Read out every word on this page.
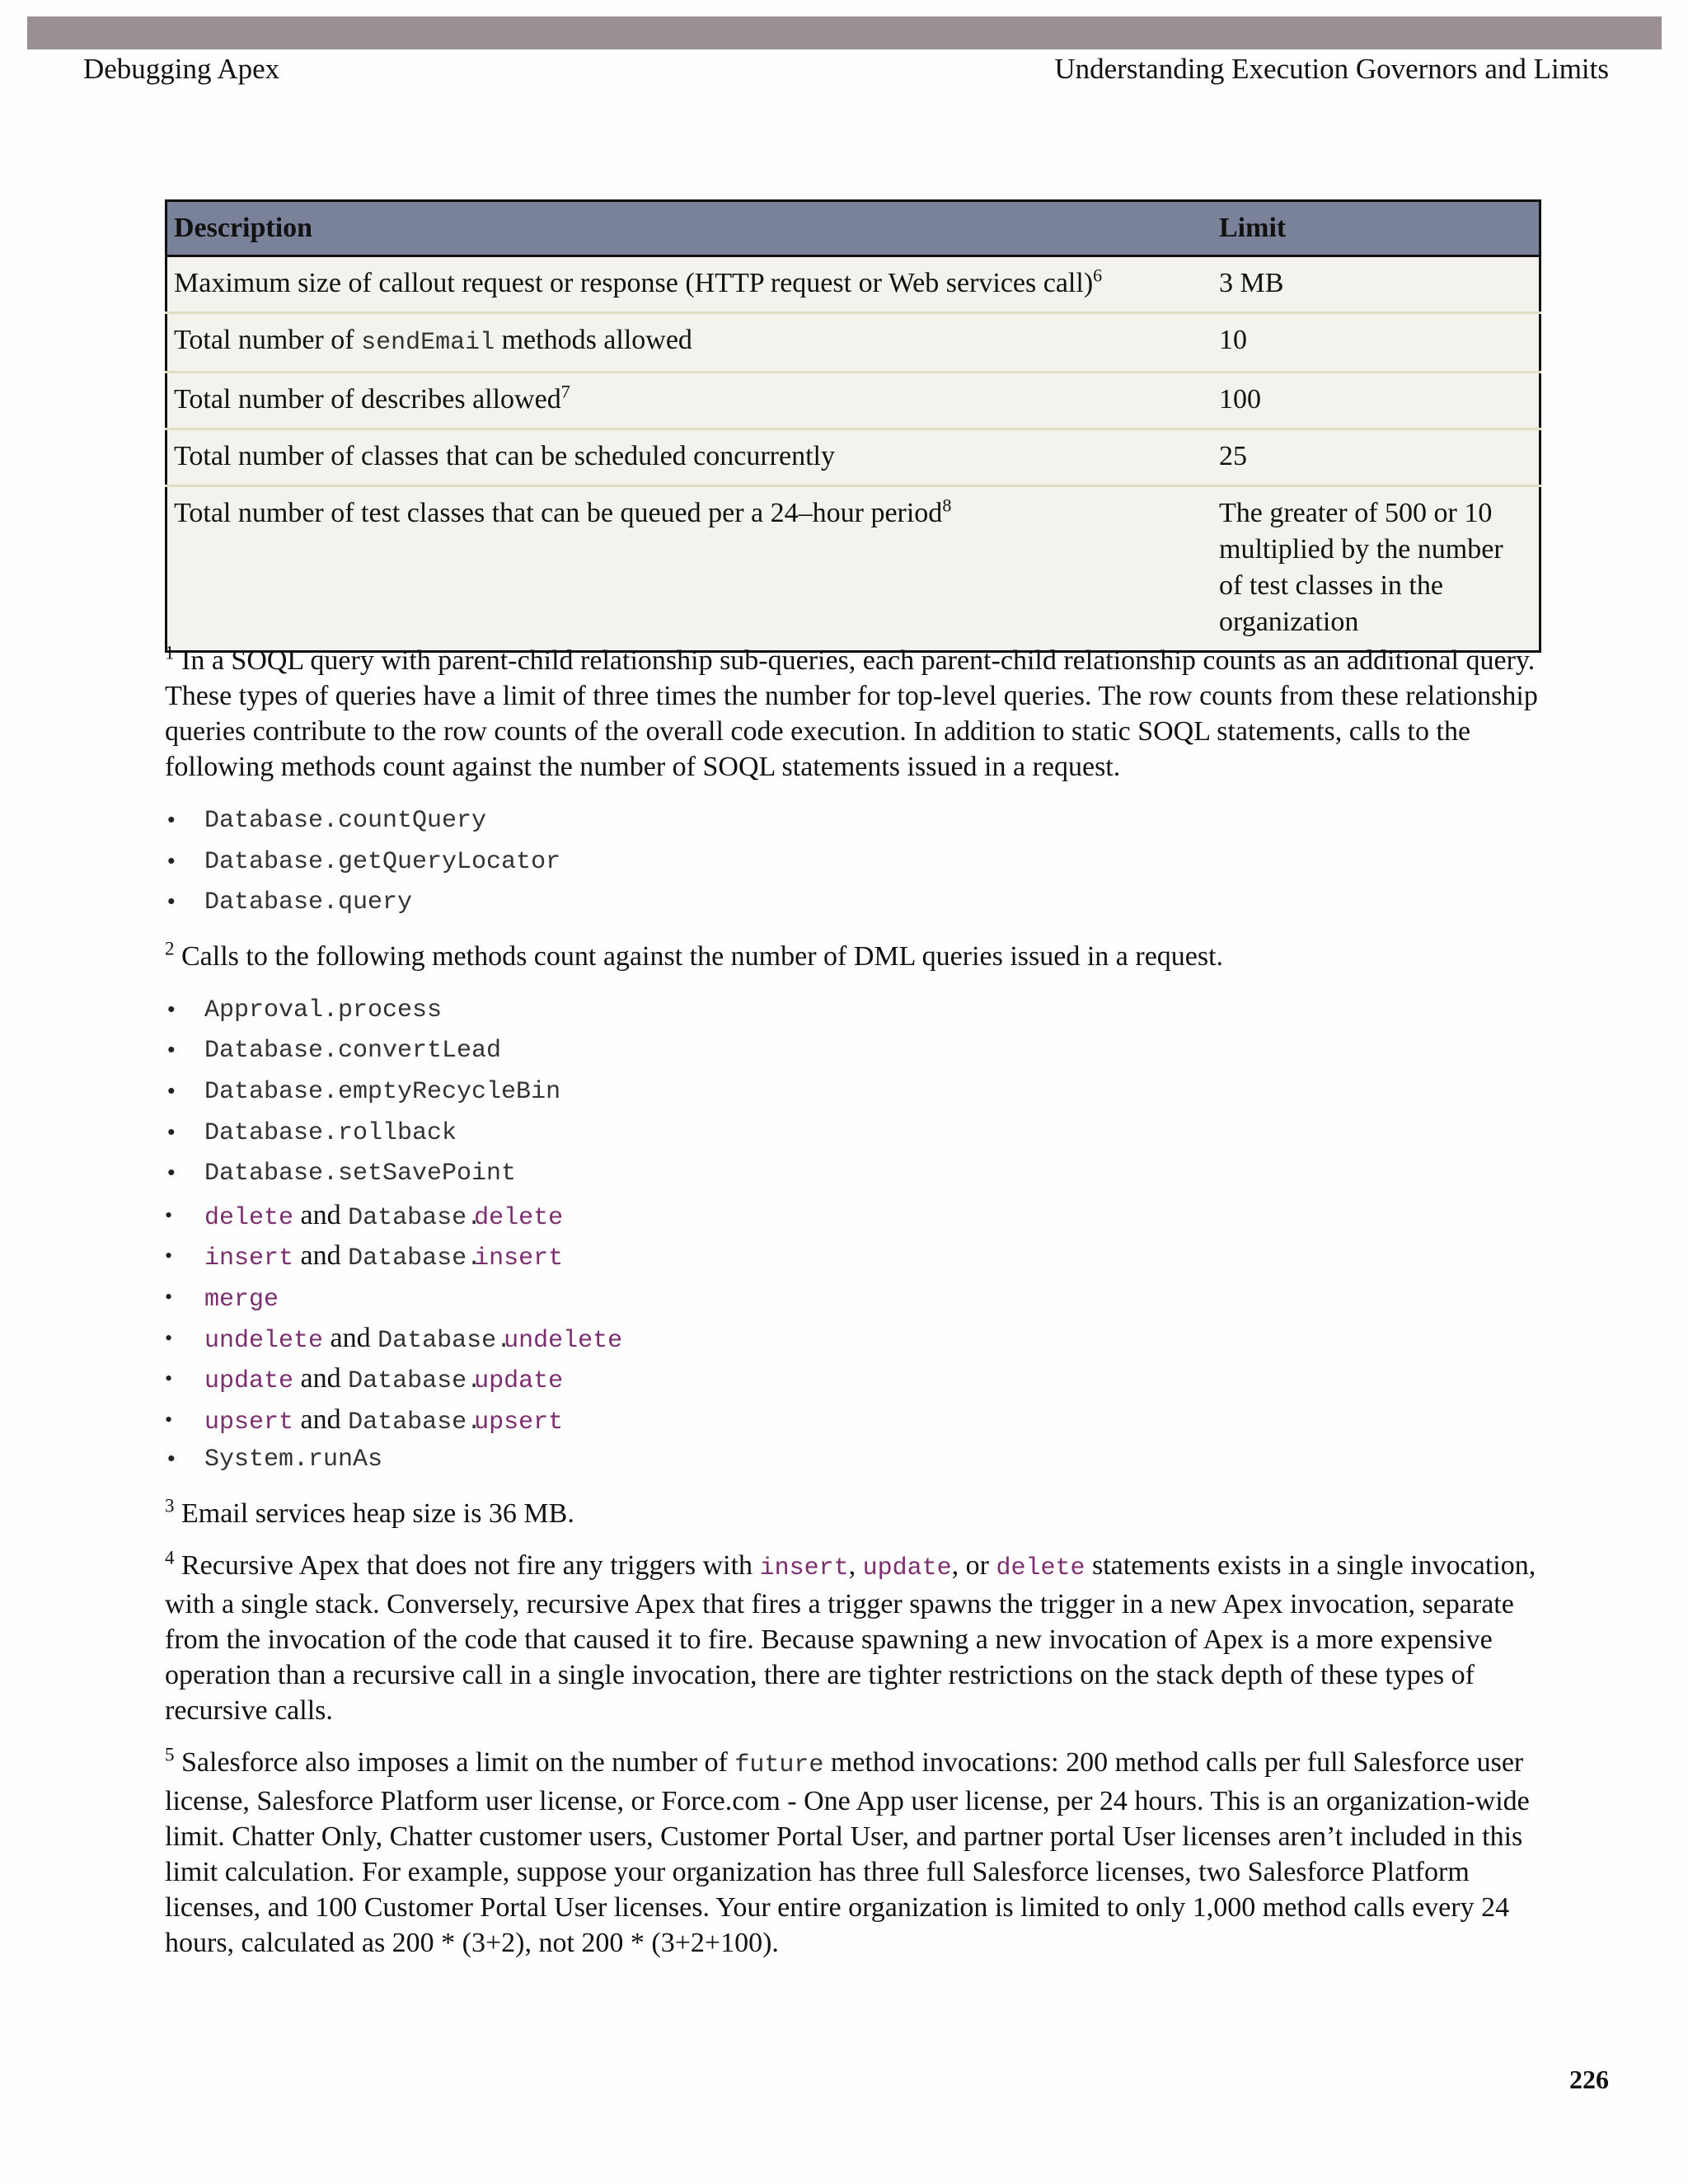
Debugging Apex	Understanding Execution Governors and Limits
Description	Limit
Maximum size of callout request or response (HTTP request or Web services call)$^6$	3 MB
Total number of sendEmail methods allowed	10
Total number of describes allowed$^7$	100
Total number of classes that can be scheduled concurrently	25
Total number of test classes that can be queued per a 24–hour period$^8$	The greater of 500 or 10 multiplied by the number of test classes in the organization

$^1$ In a SOQL query with parent-child relationship sub-queries, each parent-child relationship counts as an additional query. These types of queries have a limit of three times the number for top-level queries. The row counts from these relationship queries contribute to the row counts of the overall code execution. In addition to static SOQL statements, calls to the following methods count against the number of SOQL statements issued in a request.

• Database.countQuery
• Database.getQueryLocator
• Database.query

$^2$ Calls to the following methods count against the number of DML queries issued in a request.

• Approval.process
• Database.convertLead
• Database.emptyRecycleBin
• Database.rollback
• Database.setSavePoint
• delete and Database.delete
• insert and Database.insert
• merge
• undelete and Database.undelete
• update and Database.update
• upsert and Database.upsert
• System.runAs

$^3$ Email services heap size is 36 MB.

$^4$ Recursive Apex that does not fire any triggers with insert, update, or delete statements exists in a single invocation, with a single stack. Conversely, recursive Apex that fires a trigger spawns the trigger in a new Apex invocation, separate from the invocation of the code that caused it to fire. Because spawning a new invocation of Apex is a more expensive operation than a recursive call in a single invocation, there are tighter restrictions on the stack depth of these types of recursive calls.

$^5$ Salesforce also imposes a limit on the number of future method invocations: 200 method calls per full Salesforce user license, Salesforce Platform user license, or Force.com - One App user license, per 24 hours. This is an organization-wide limit. Chatter Only, Chatter customer users, Customer Portal User, and partner portal User licenses aren’t included in this limit calculation. For example, suppose your organization has three full Salesforce licenses, two Salesforce Platform licenses, and 100 Customer Portal User licenses. Your entire organization is limited to only 1,000 method calls every 24 hours, calculated as 200 * (3+2), not 200 * (3+2+100).

226
